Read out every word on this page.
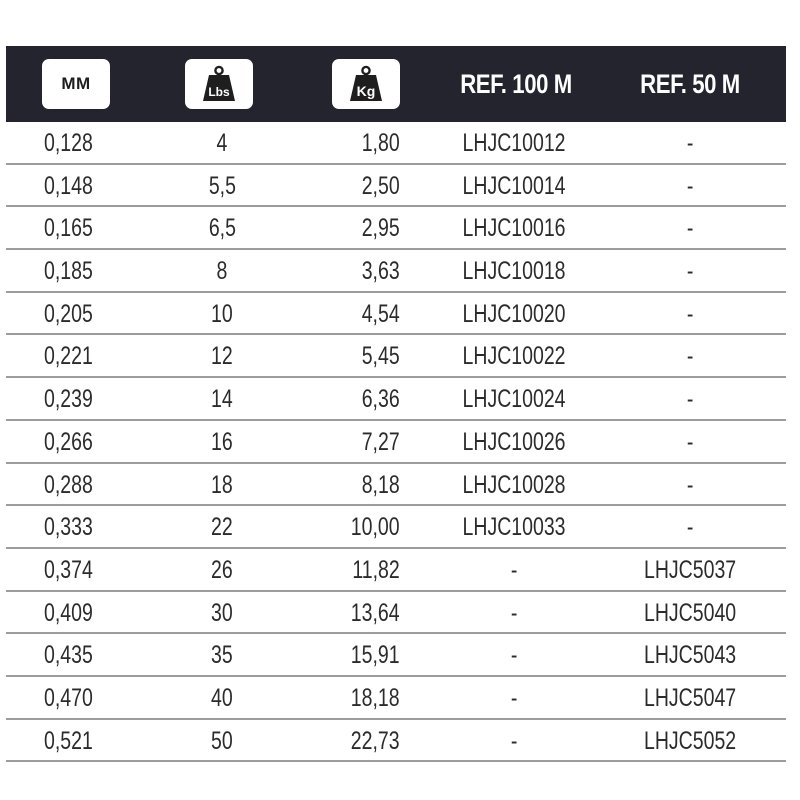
MM	Lbs	Kg	REF. 100 M	REF. 50 M
0,128	4	1,80	LHJC10012	-
0,148	5,5	2,50	LHJC10014	-
0,165	6,5	2,95	LHJC10016	-
0,185	8	3,63	LHJC10018	-
0,205	10	4,54	LHJC10020	-
0,221	12	5,45	LHJC10022	-
0,239	14	6,36	LHJC10024	-
0,266	16	7,27	LHJC10026	-
0,288	18	8,18	LHJC10028	-
0,333	22	10,00	LHJC10033	-
0,374	26	11,82	-	LHJC5037
0,409	30	13,64	-	LHJC5040
0,435	35	15,91	-	LHJC5043
0,470	40	18,18	-	LHJC5047
0,521	50	22,73	-	LHJC5052
